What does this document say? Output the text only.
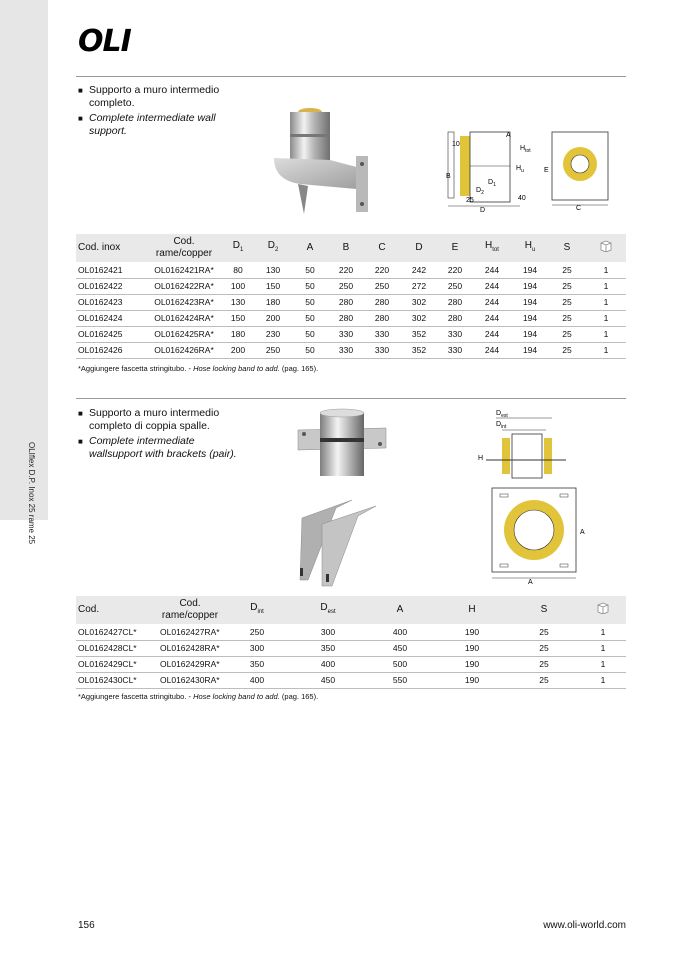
OLIflex D.P. Inox 25 rame 25
OLI
■ Supporto a muro intermedio completo.
■ Complete intermediate wall support.
10
A
$H_{tot}$
$H_u$
B
$D_1$
$D_2$
25	40
D
E
C
Cod. inox	Cod.
rame/copper	$D_1$	$D_2$	A	B	C	D	E	$H_{tot}$	$H_u$	S	
OL0162421	OL0162421RA*	80	130	50	220	220	242	220	244	194	25	1
OL0162422	OL0162422RA*	100	150	50	250	250	272	250	244	194	25	1
OL0162423	OL0162423RA*	130	180	50	280	280	302	280	244	194	25	1
OL0162424	OL0162424RA*	150	200	50	280	280	302	280	244	194	25	1
OL0162425	OL0162425RA*	180	230	50	330	330	352	330	244	194	25	1
OL0162426	OL0162426RA*	200	250	50	330	330	352	330	244	194	25	1
*Aggiungere fascetta stringitubo. - Hose locking band to add. (pag. 165).
■ Supporto a muro intermedio completo di coppia spalle.
■ Complete intermediate wallsupport with brackets (pair).
$D_{est}$
$D_{int}$
H
A
A
Cod.	Cod.
rame/copper	$D_{int}$	$D_{est}$	A	H	S	
OL0162427CL*	OL0162427RA*	250	300	400	190	25	1
OL0162428CL*	OL0162428RA*	300	350	450	190	25	1
OL0162429CL*	OL0162429RA*	350	400	500	190	25	1
OL0162430CL*	OL0162430RA*	400	450	550	190	25	1
*Aggiungere fascetta stringitubo. - Hose locking band to add. (pag. 165).
156	www.oli-world.com
